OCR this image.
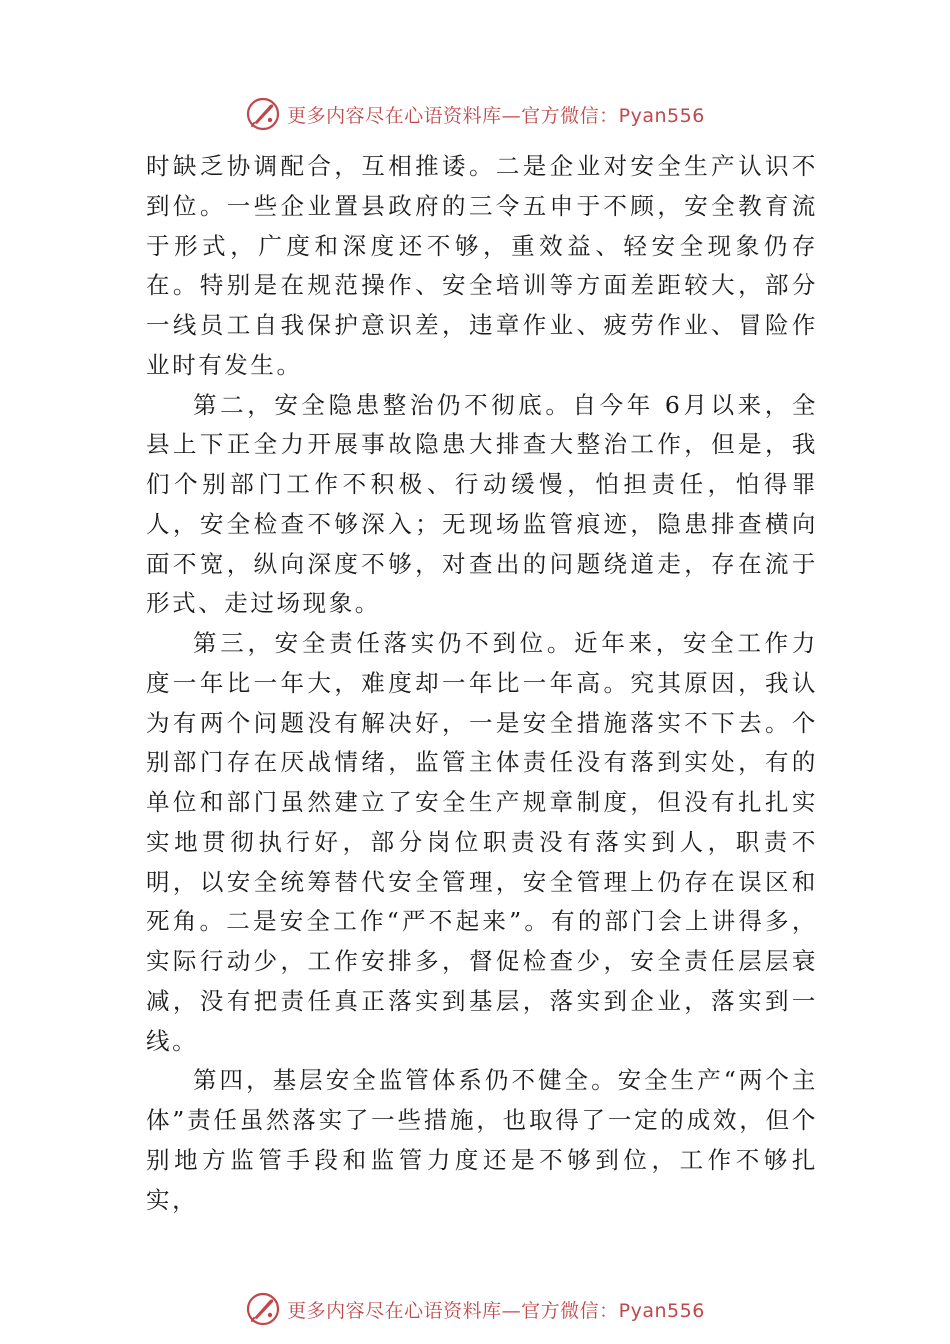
更多内容尽在心语资料库—官方微信：Pyan556

时缺乏协调配合，互相推诿。二是企业对安全生产认识不到位。一些企业置县政府的三令五申于不顾，安全教育流于形式，广度和深度还不够，重效益、轻安全现象仍存在。特别是在规范操作、安全培训等方面差距较大，部分一线员工自我保护意识差，违章作业、疲劳作业、冒险作业时有发生。

第二，安全隐患整治仍不彻底。自今年 6月以来，全县上下正全力开展事故隐患大排查大整治工作，但是，我们个别部门工作不积极、行动缓慢，怕担责任，怕得罪人，安全检查不够深入；无现场监管痕迹，隐患排查横向面不宽，纵向深度不够，对查出的问题绕道走，存在流于形式、走过场现象。

第三，安全责任落实仍不到位。近年来，安全工作力度一年比一年大，难度却一年比一年高。究其原因，我认为有两个问题没有解决好，一是安全措施落实不下去。个别部门存在厌战情绪，监管主体责任没有落到实处，有的单位和部门虽然建立了安全生产规章制度，但没有扎扎实实地贯彻执行好，部分岗位职责没有落实到人，职责不明，以安全统筹替代安全管理，安全管理上仍存在误区和死角。二是安全工作“严不起来”。有的部门会上讲得多，实际行动少，工作安排多，督促检查少，安全责任层层衰减，没有把责任真正落实到基层，落实到企业，落实到一线。

第四，基层安全监管体系仍不健全。安全生产“两个主体”责任虽然落实了一些措施，也取得了一定的成效，但个别地方监管手段和监管力度还是不够到位，工作不够扎实，

更多内容尽在心语资料库—官方微信：Pyan556
